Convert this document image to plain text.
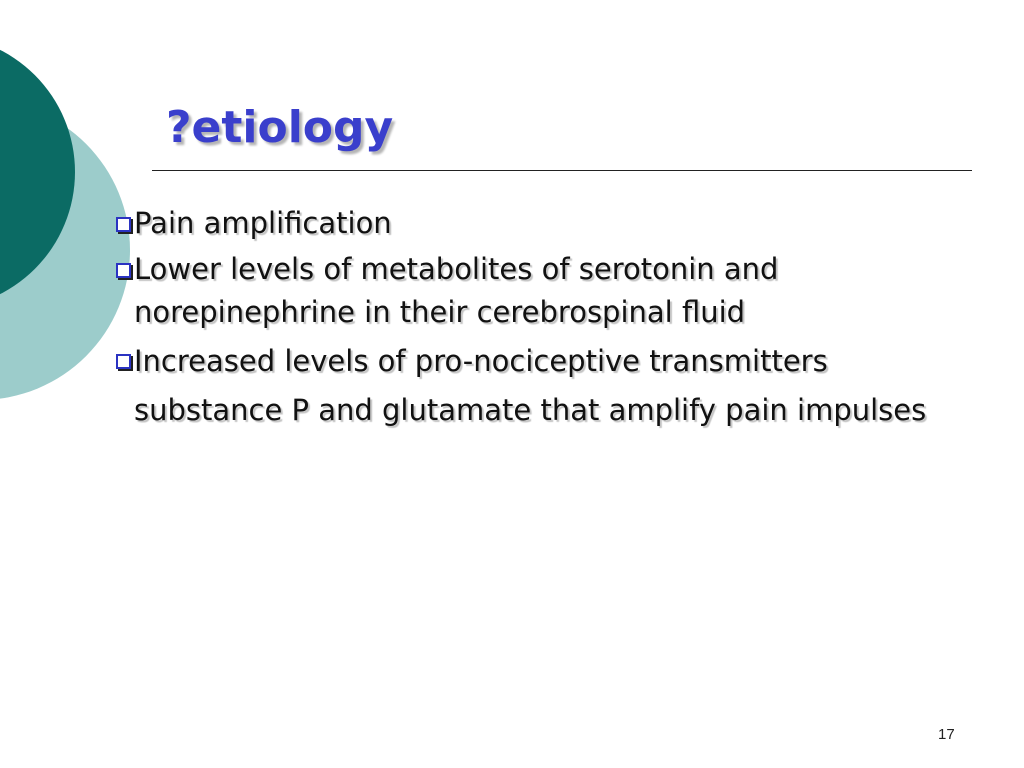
?etiology
Pain amplification
Lower levels of metabolites of serotonin and norepinephrine in their cerebrospinal fluid
Increased levels of pro-nociceptive transmitters substance P and glutamate that amplify pain impulses
17
